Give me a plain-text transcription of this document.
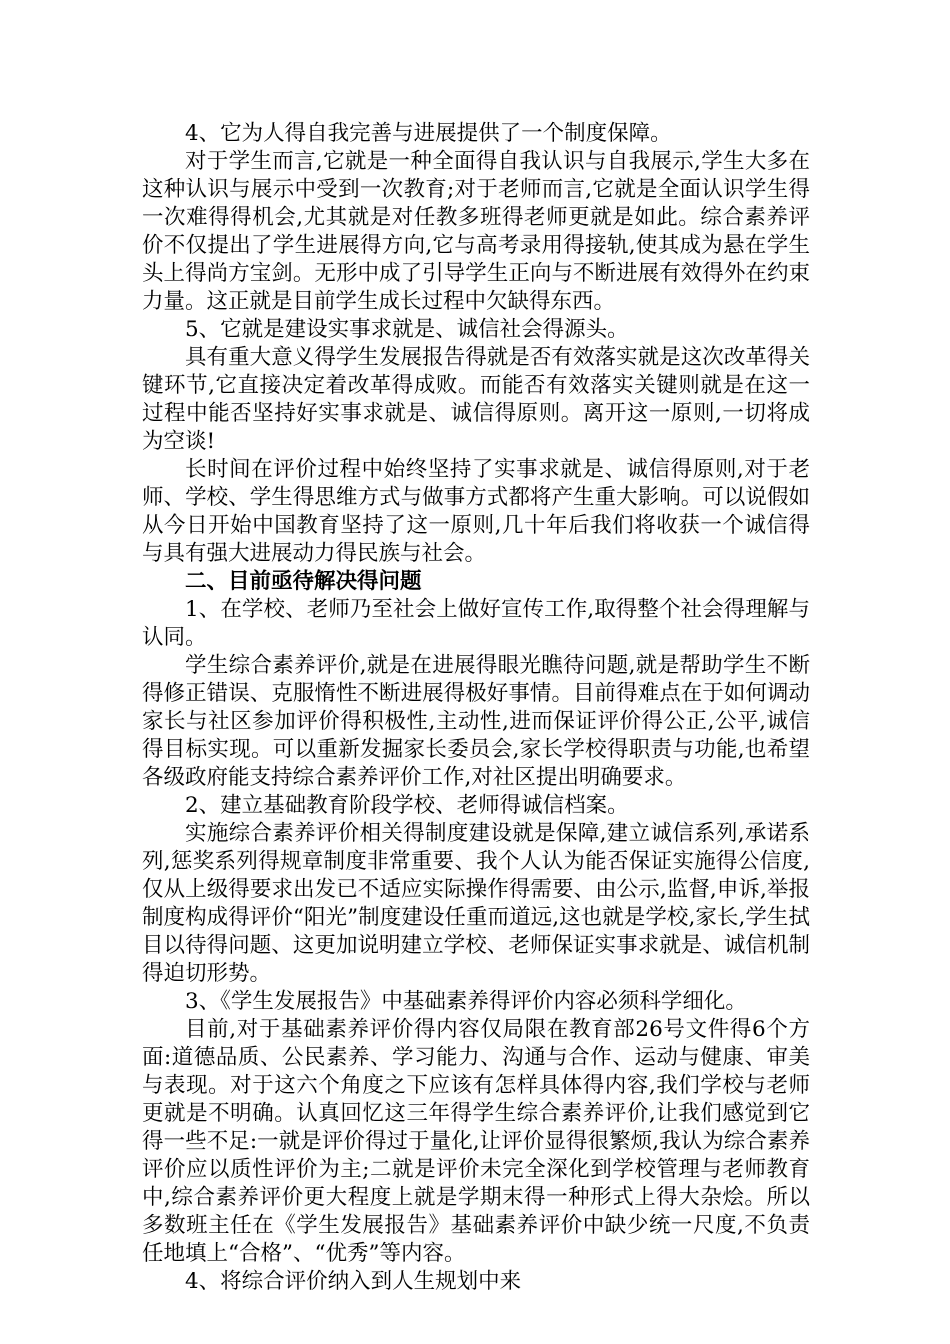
4、它为人得自我完善与进展提供了一个制度保障。

对于学生而言,它就是一种全面得自我认识与自我展示,学生大多在这种认识与展示中受到一次教育;对于老师而言,它就是全面认识学生得一次难得得机会,尤其就是对任教多班得老师更就是如此。综合素养评价不仅提出了学生进展得方向,它与高考录用得接轨,使其成为悬在学生头上得尚方宝剑。无形中成了引导学生正向与不断进展有效得外在约束力量。这正就是目前学生成长过程中欠缺得东西。

5、它就是建设实事求就是、诚信社会得源头。

具有重大意义得学生发展报告得就是否有效落实就是这次改革得关键环节,它直接决定着改革得成败。而能否有效落实关键则就是在这一过程中能否坚持好实事求就是、诚信得原则。离开这一原则,一切将成为空谈!

长时间在评价过程中始终坚持了实事求就是、诚信得原则,对于老师、学校、学生得思维方式与做事方式都将产生重大影响。可以说假如从今日开始中国教育坚持了这一原则,几十年后我们将收获一个诚信得与具有强大进展动力得民族与社会。

二、目前亟待解决得问题

1、在学校、老师乃至社会上做好宣传工作,取得整个社会得理解与认同。

学生综合素养评价,就是在进展得眼光瞧待问题,就是帮助学生不断得修正错误、克服惰性不断进展得极好事情。目前得难点在于如何调动家长与社区参加评价得积极性,主动性,进而保证评价得公正,公平,诚信得目标实现。可以重新发掘家长委员会,家长学校得职责与功能,也希望各级政府能支持综合素养评价工作,对社区提出明确要求。

2、建立基础教育阶段学校、老师得诚信档案。

实施综合素养评价相关得制度建设就是保障,建立诚信系列,承诺系列,惩奖系列得规章制度非常重要、我个人认为能否保证实施得公信度,仅从上级得要求出发已不适应实际操作得需要、由公示,监督,申诉,举报制度构成得评价“阳光”制度建设任重而道远,这也就是学校,家长,学生拭目以待得问题、这更加说明建立学校、老师保证实事求就是、诚信机制得迫切形势。

3、《学生发展报告》中基础素养得评价内容必须科学细化。

目前,对于基础素养评价得内容仅局限在教育部26号文件得6个方面:道德品质、公民素养、学习能力、沟通与合作、运动与健康、审美与表现。对于这六个角度之下应该有怎样具体得内容,我们学校与老师更就是不明确。认真回忆这三年得学生综合素养评价,让我们感觉到它得一些不足:一就是评价得过于量化,让评价显得很繁烦,我认为综合素养评价应以质性评价为主;二就是评价未完全深化到学校管理与老师教育中,综合素养评价更大程度上就是学期末得一种形式上得大杂烩。所以多数班主任在《学生发展报告》基础素养评价中缺少统一尺度,不负责任地填上“合格”、“优秀”等内容。

4、将综合评价纳入到人生规划中来
